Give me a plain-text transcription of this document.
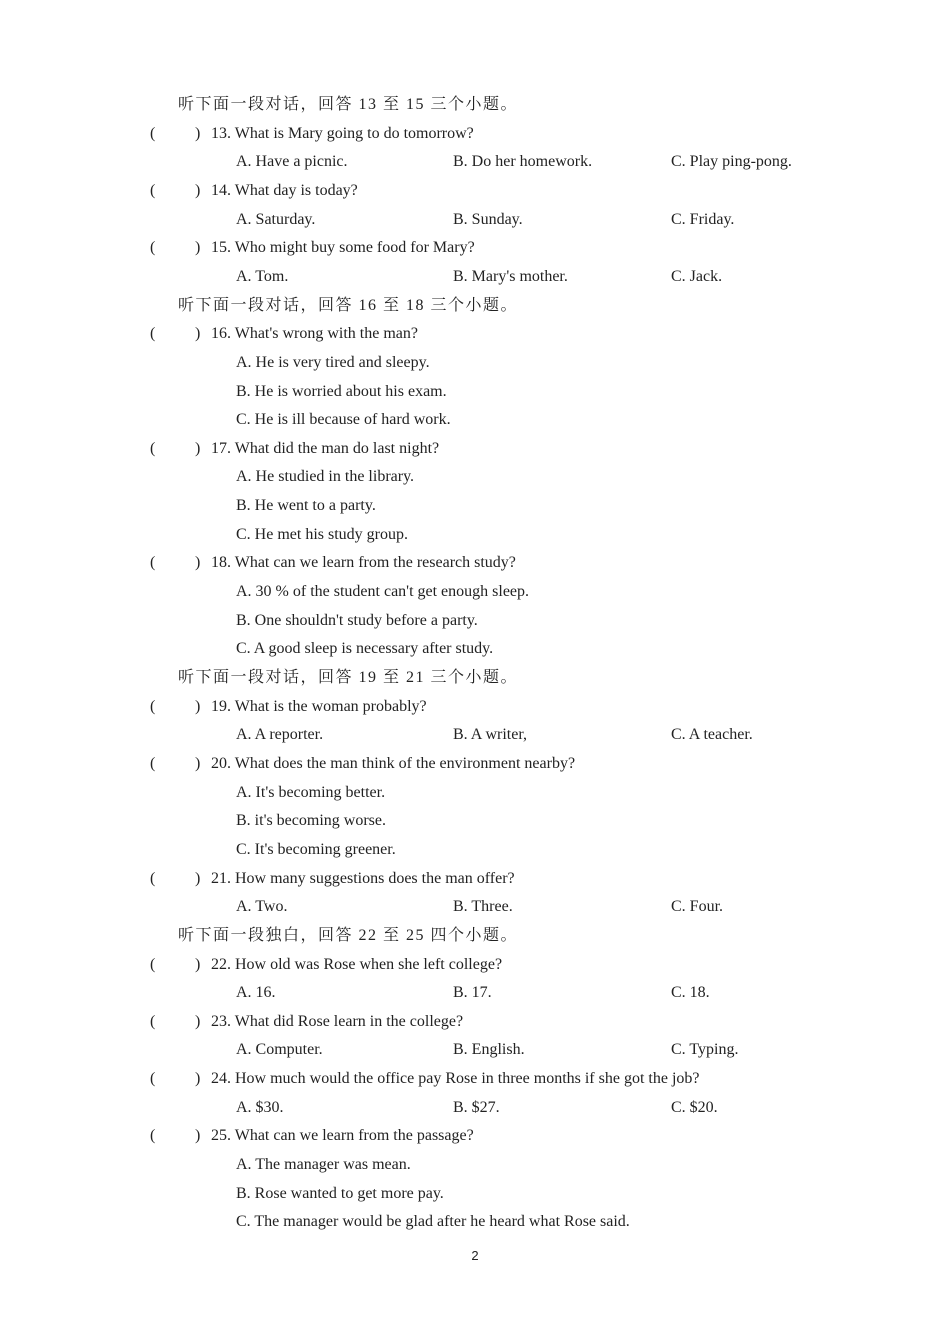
听下面一段对话，回答 13 至 15 三个小题。
( ) 13. What is Mary going to do tomorrow?
A. Have a picnic.	B. Do her homework.	C. Play ping-pong.
( ) 14. What day is today?
A. Saturday.	B. Sunday.	C. Friday.
( ) 15. Who might buy some food for Mary?
A. Tom.	B. Mary's mother.	C. Jack.
听下面一段对话，回答 16 至 18 三个小题。
( ) 16. What's wrong with the man?
A. He is very tired and sleepy.
B. He is worried about his exam.
C. He is ill because of hard work.
( ) 17. What did the man do last night?
A. He studied in the library.
B. He went to a party.
C. He met his study group.
( ) 18. What can we learn from the research study?
A. 30 % of the student can't get enough sleep.
B. One shouldn't study before a party.
C. A good sleep is necessary after study.
听下面一段对话，回答 19 至 21 三个小题。
( ) 19. What is the woman probably?
A. A reporter.	B. A writer,	C. A teacher.
( ) 20. What does the man think of the environment nearby?
A. It's becoming better.
B. it's becoming worse.
C. It's becoming greener.
( ) 21. How many suggestions does the man offer?
A. Two.	B. Three.	C. Four.
听下面一段独白，回答 22 至 25 四个小题。
( ) 22. How old was Rose when she left college?
A. 16.	B. 17.	C. 18.
( ) 23. What did Rose learn in the college?
A. Computer.	B. English.	C. Typing.
( ) 24. How much would the office pay Rose in three months if she got the job?
A. $30.	B. $27.	C. $20.
( ) 25. What can we learn from the passage?
A. The manager was mean.
B. Rose wanted to get more pay.
C. The manager would be glad after he heard what Rose said.
2
